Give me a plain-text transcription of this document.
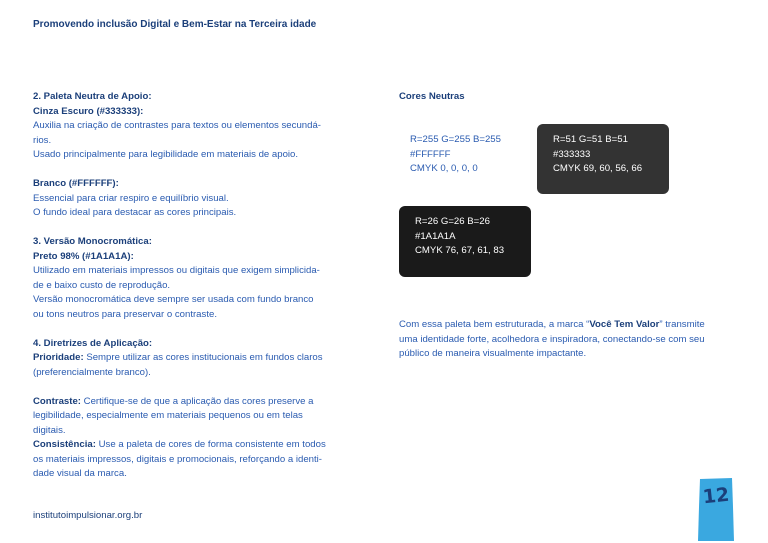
Promovendo inclusão Digital e Bem-Estar na Terceira idade

2. Paleta Neutra de Apoio:

Cinza Escuro (#333333):

Auxilia na criação de contrastes para textos ou elementos secundá-

rios.

Usado principalmente para legibilidade em materiais de apoio.

Branco (#FFFFFF):

Essencial para criar respiro e equilíbrio visual.

O fundo ideal para destacar as cores principais.

3. Versão Monocromática:

Preto 98% (#1A1A1A):

Utilizado em materiais impressos ou digitais que exigem simplicida-

de e baixo custo de reprodução.

Versão monocromática deve sempre ser usada com fundo branco

ou tons neutros para preservar o contraste.

4. Diretrizes de Aplicação:

Prioridade: Sempre utilizar as cores institucionais em fundos claros

(preferencialmente branco).

Contraste: Certifique-se de que a aplicação das cores preserve a

legibilidade, especialmente em materiais pequenos ou em telas

digitais.

Consistência: Use a paleta de cores de forma consistente em todos

os materiais impressos, digitais e promocionais, reforçando a identi-

dade visual da marca.

institutoimpulsionar.org.br
Cores Neutras
R=255 G=255 B=255
#FFFFFF
CMYK 0, 0, 0, 0
R=51 G=51 B=51
#333333
CMYK 69, 60, 56, 66
R=26 G=26 B=26
#1A1A1A
CMYK 76, 67, 61, 83
Com essa paleta bem estruturada, a marca “Você Tem Valor” transmite
uma identidade forte, acolhedora e inspiradora, conectando-se com seu
público de maneira visualmente impactante.
12
